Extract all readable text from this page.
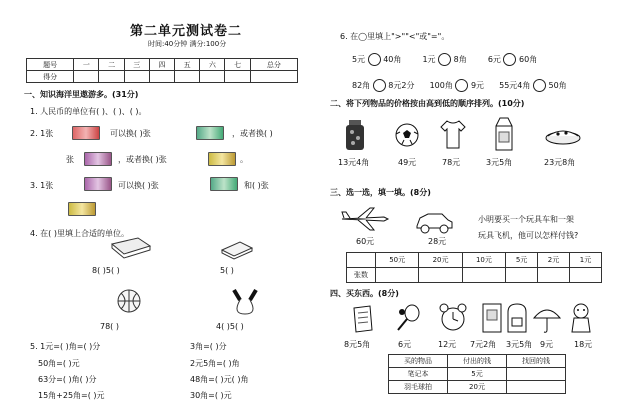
第二单元测试卷二
时间:40分钟 满分:100分
题号	一	二	三	四	五	六	七	总分
得分								
一、知识海洋里遨游多。(31分)
1. 人民币的单位有( )、( )、( )。
2. 1张	可以换( )张	，或者换( )
张	，或者换( )张	。
3. 1张	可以换( )张	和( )张
4. 在( )里填上合适的单位。
8( )5( )	5( )
78( )	4( )5( )
5. 1元=( )角=( )分	3角=( )分
50角=( )元	2元5角=( )角
63分=( )角( )分	48角=( )元( )角
15角+25角=( )元	30角=( )元
6. 在◯里填上">""<"或"="。
5元 40角	1元 8角	6元 60角
82角 8元2分 100角 9元 55元4角 50角
二、将下列物品的价格按由高到低的顺序排列。(10分)
13元4角	49元	78元	3元5角	23元8角
三、选一选，填一填。(8分)
60元	28元
小明要买一个玩具车和一架
玩具飞机，他可以怎样付钱?
	50元	20元	10元	5元	2元	1元
张数						
四、买东西。(8分)
8元5角	6元	12元 7元2角 3元5角 9元	18元
买的物品	付出的钱	找回的钱
笔记本	5元	
羽毛球拍	20元	
